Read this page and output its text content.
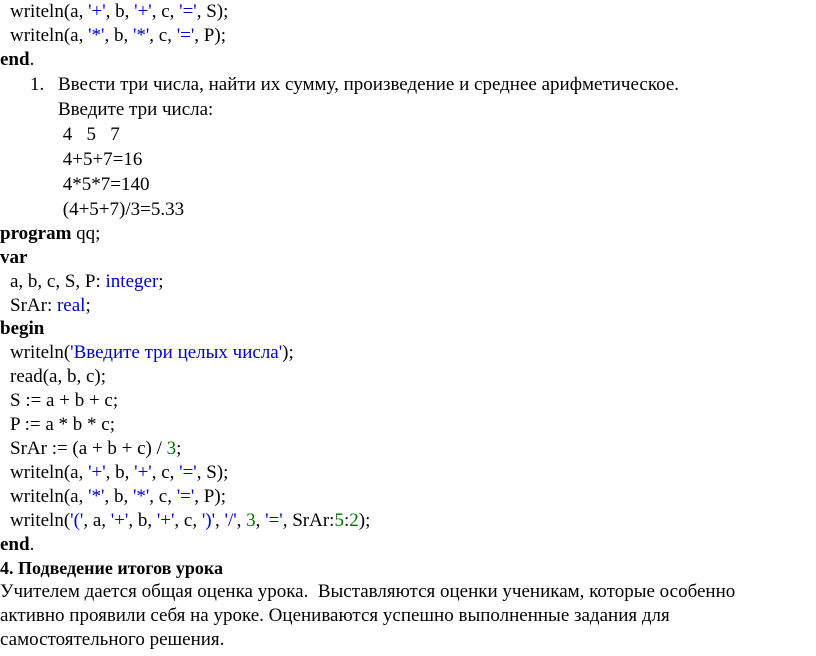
writeln(a, '+', b, '+', c, '=', S);
writeln(a, '*', b, '*', c, '=', P);
end.
1. Ввести три числа, найти их сумму, произведение и среднее арифметическое.
Введите три числа:
4   5   7
4+5+7=16
4*5*7=140
(4+5+7)/3=5.33
program qq;
var
a, b, c, S, P: integer;
SrAr: real;
begin
writeln('Введите три целых числа');
read(a, b, c);
S := a + b + c;
P := a * b * c;
SrAr := (a + b + c) / 3;
writeln(a, '+', b, '+', c, '=', S);
writeln(a, '*', b, '*', c, '=', P);
writeln('(', a, '+', b, '+', c, ')', '/', 3, '=', SrAr:5:2);
end.
4. Подведение итогов урока
Учителем дается общая оценка урока.  Выставляются оценки ученикам, которые особенно
активно проявили себя на уроке. Оцениваются успешно выполненные задания для
самостоятельного решения.
